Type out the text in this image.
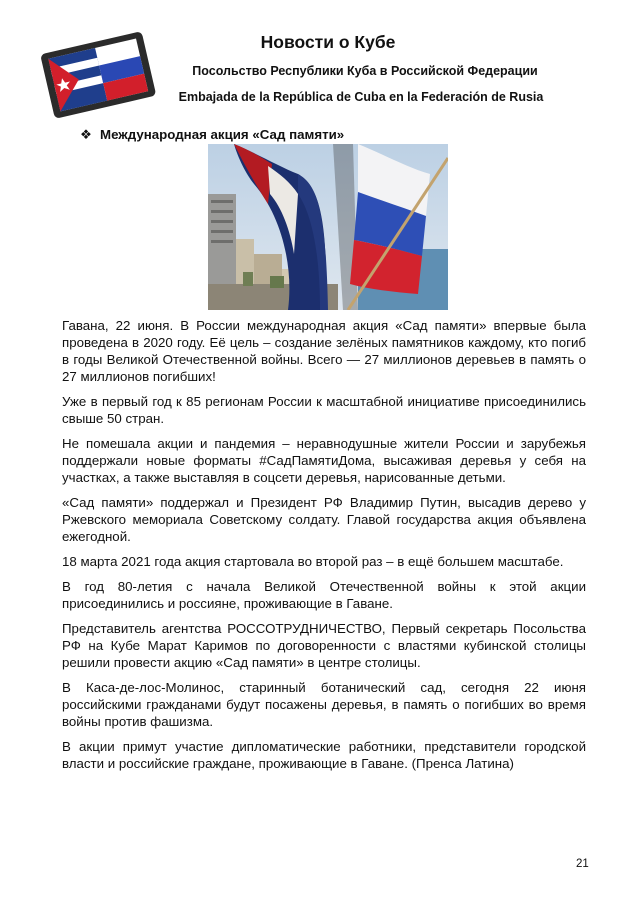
Новости о Кубе
Посольство Республики Куба в Российской Федерации
Embajada de la República de Cuba en la Federación de Rusia
❖ Международная акция «Сад памяти»

Гавана, 22 июня. В России международная акция «Сад памяти» впервые была проведена в 2020 году. Её цель – создание зелёных памятников каждому, кто погиб в годы Великой Отечественной войны. Всего — 27 миллионов деревьев в память о 27 миллионов погибших!

Уже в первый год к 85 регионам России к масштабной инициативе присоединились свыше 50 стран.

Не помешала акции и пандемия – неравнодушные жители России и зарубежья поддержали новые форматы #СадПамятиДома, высаживая деревья у себя на участках, а также выставляя в соцсети деревья, нарисованные детьми.

«Сад памяти» поддержал и Президент РФ Владимир Путин, высадив дерево у Ржевского мемориала Советскому солдату. Главой государства акция объявлена ежегодной.

18 марта 2021 года акция стартовала во второй раз – в ещё большем масштабе.

В год 80-летия с начала Великой Отечественной войны к этой акции присоединились и россияне, проживающие в Гаване.

Представитель агентства РОССОТРУДНИЧЕСТВО, Первый секретарь Посольства РФ на Кубе Марат Каримов по договоренности с властями кубинской столицы решили провести акцию «Сад памяти» в центре столицы.

В Каса-де-лос-Молинос, старинный ботанический сад, сегодня 22 июня российскими гражданами будут посажены деревья, в память о погибших во время войны против фашизма.

В акции примут участие дипломатические работники, представители городской власти и российские граждане, проживающие в Гаване. (Пренса Латина)

21
